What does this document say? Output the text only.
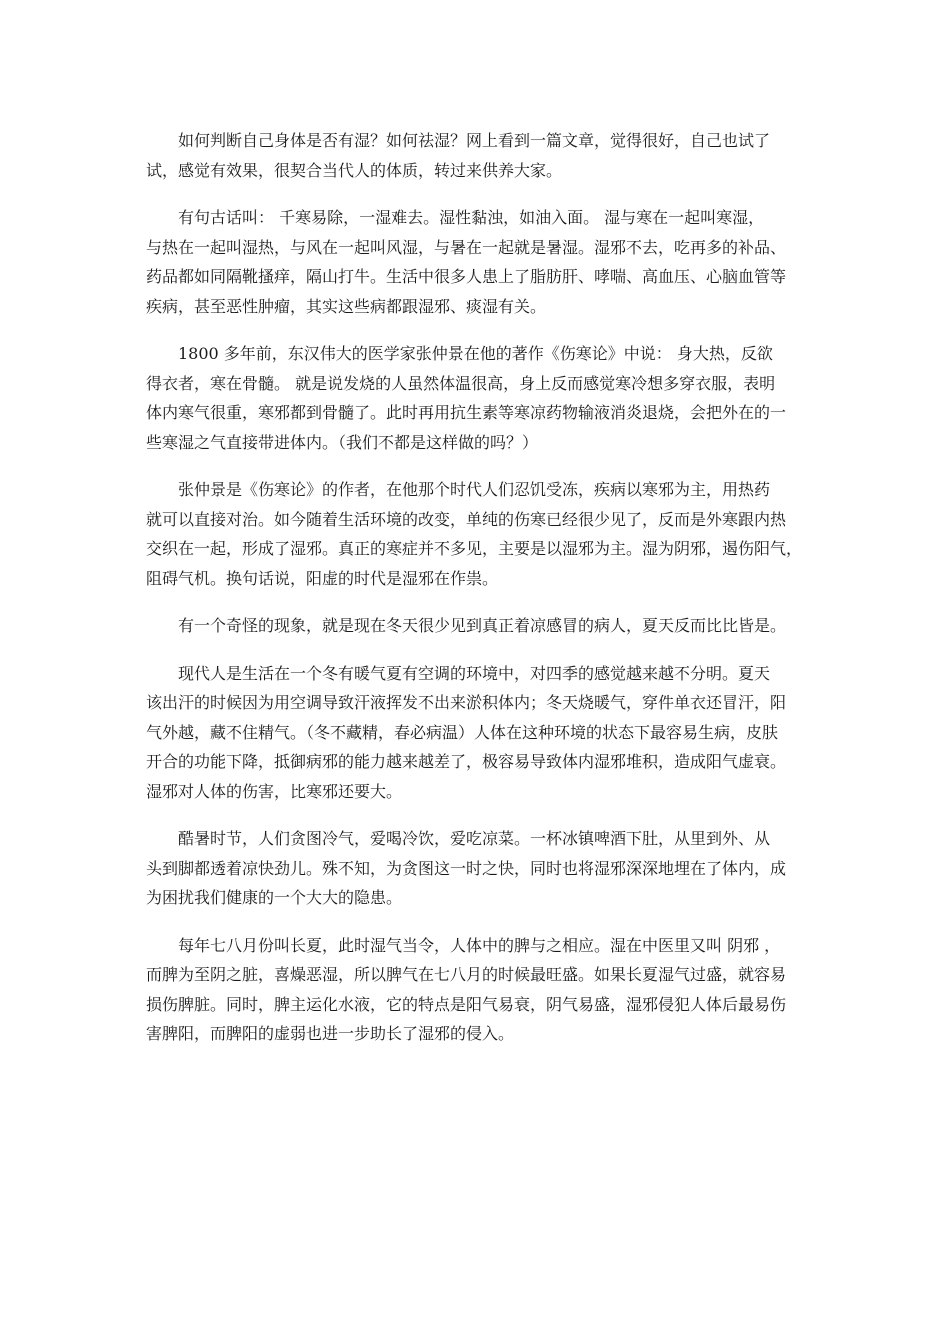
如何判断自己身体是否有湿？如何祛湿？网上看到一篇文章，觉得很好，自己也试了
试，感觉有效果，很契合当代人的体质，转过来供养大家。

有句古话叫： 千寒易除，一湿难去。湿性黏浊，如油入面。 湿与寒在一起叫寒湿，
与热在一起叫湿热，与风在一起叫风湿，与暑在一起就是暑湿。湿邪不去，吃再多的补品、
药品都如同隔靴搔痒，隔山打牛。生活中很多人患上了脂肪肝、哮喘、高血压、心脑血管等
疾病，甚至恶性肿瘤，其实这些病都跟湿邪、痰湿有关。

1800 多年前，东汉伟大的医学家张仲景在他的著作《伤寒论》中说： 身大热，反欲
得衣者，寒在骨髓。 就是说发烧的人虽然体温很高，身上反而感觉寒冷想多穿衣服，表明
体内寒气很重，寒邪都到骨髓了。此时再用抗生素等寒凉药物输液消炎退烧，会把外在的一
些寒湿之气直接带进体内。（我们不都是这样做的吗？）

张仲景是《伤寒论》的作者，在他那个时代人们忍饥受冻，疾病以寒邪为主，用热药
就可以直接对治。如今随着生活环境的改变，单纯的伤寒已经很少见了，反而是外寒跟内热
交织在一起，形成了湿邪。真正的寒症并不多见，主要是以湿邪为主。湿为阴邪，遏伤阳气，
阻碍气机。换句话说，阳虚的时代是湿邪在作祟。

有一个奇怪的现象，就是现在冬天很少见到真正着凉感冒的病人，夏天反而比比皆是。

现代人是生活在一个冬有暖气夏有空调的环境中，对四季的感觉越来越不分明。夏天
该出汗的时候因为用空调导致汗液挥发不出来淤积体内；冬天烧暖气，穿件单衣还冒汗，阳
气外越，藏不住精气。（冬不藏精，春必病温）人体在这种环境的状态下最容易生病，皮肤
开合的功能下降，抵御病邪的能力越来越差了，极容易导致体内湿邪堆积，造成阳气虚衰。
湿邪对人体的伤害，比寒邪还要大。

酷暑时节，人们贪图冷气，爱喝冷饮，爱吃凉菜。一杯冰镇啤酒下肚，从里到外、从
头到脚都透着凉快劲儿。殊不知，为贪图这一时之快，同时也将湿邪深深地埋在了体内，成
为困扰我们健康的一个大大的隐患。

每年七八月份叫长夏，此时湿气当令，人体中的脾与之相应。湿在中医里又叫 阴邪 ，
而脾为至阴之脏，喜燥恶湿，所以脾气在七八月的时候最旺盛。如果长夏湿气过盛，就容易
损伤脾脏。同时，脾主运化水液，它的特点是阳气易衰，阴气易盛，湿邪侵犯人体后最易伤
害脾阳，而脾阳的虚弱也进一步助长了湿邪的侵入。
